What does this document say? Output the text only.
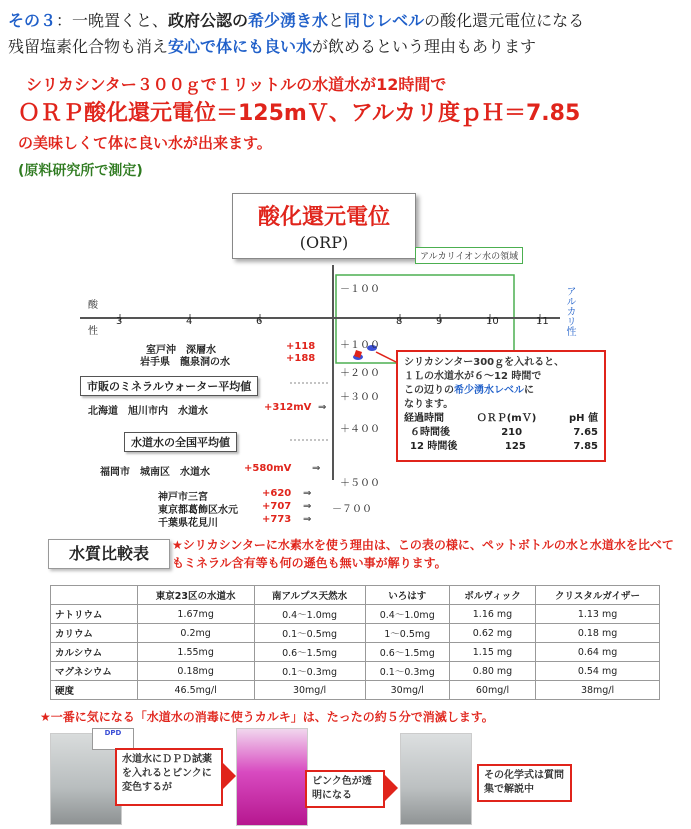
その３：一晩置くと、政府公認の希少湧き水と同じレベルの酸化還元電位になる
残留塩素化合物も消え安心で体にも良い水が飲めるという理由もあります
シリカシンター３００ｇで１リットルの水道水が12時間で
ＯＲＰ酸化還元電位＝125mＶ、アルカリ度ｐＨ＝7.85
の美味しくて体に良い水が出来ます。
(原料研究所で測定)
酸化還元電位
(ORP)
アルカリイオン水の領域
酸
性	アルカリ性
3	4	6	8	9	10	11
－１００
＋１００
＋２００
＋３００
＋４００
＋５００
－７００
室戸沖　深層水	+118
岩手県　龍泉洞の水	+188
市販のミネラルウォーター平均値
北海道　旭川市内　水道水	+312mV
水道水の全国平均値
福岡市　城南区　水道水	+580mV
神戸市三宮	+620
東京都葛飾区水元 +707
千葉県花見川	+773
⇒
⇒
⇒
⇒
⇒
シリカシンター300ｇを入れると、
１Ｌの水道水が６～12 時間で
この辺りの希少湧水レベルに
なります。
経過時間	ＯＲＰ(mＶ)	pH 値
６時間後	210	7.65
12 時間後	125	7.85
水質比較表	★シリカシンターに水素水を使う理由は、この表の様に、ペットボトルの水と水道水を比べてもミネラル含有等も何の遜色も無い事が解ります。
	東京23区の水道水	南アルプス天然水	いろはす	ボルヴィック	クリスタルガイザー
ナトリウム	1.67mg	0.4～1.0mg	0.4～1.0mg	1.16 mg	1.13 mg
カリウム	0.2mg	0.1～0.5mg	1～0.5mg	0.62 mg	0.18 mg
カルシウム	1.55mg	0.6～1.5mg	0.6～1.5mg	1.15 mg	0.64 mg
マグネシウム	0.18mg	0.1～0.3mg	0.1～0.3mg	0.80 mg	0.54 mg
硬度	46.5mg/l	30mg/l	30mg/l	60mg/l	38mg/l
★一番に気になる「水道水の消毒に使うカルキ」は、たったの約５分で消滅します。
DPD
水道水にＤＰＤ試薬を入れるとピンクに変色するが
ピンク色が透明になる
その化学式は質問集で解説中
